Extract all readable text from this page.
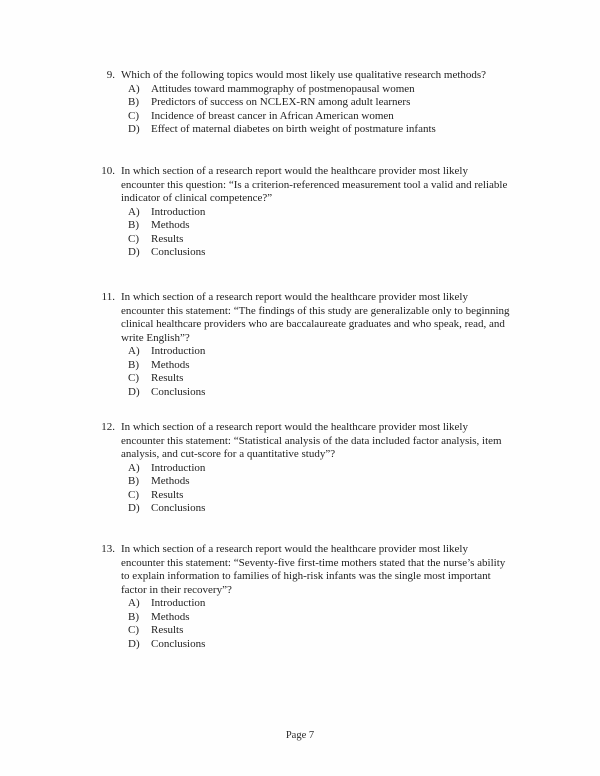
9. Which of the following topics would most likely use qualitative research methods?
A) Attitudes toward mammography of postmenopausal women
B) Predictors of success on NCLEX-RN among adult learners
C) Incidence of breast cancer in African American women
D) Effect of maternal diabetes on birth weight of postmature infants
10. In which section of a research report would the healthcare provider most likely
encounter this question: “Is a criterion-referenced measurement tool a valid and reliable
indicator of clinical competence?”
A) Introduction
B) Methods
C) Results
D) Conclusions
11. In which section of a research report would the healthcare provider most likely
encounter this statement: “The findings of this study are generalizable only to beginning
clinical healthcare providers who are baccalaureate graduates and who speak, read, and
write English”?
A) Introduction
B) Methods
C) Results
D) Conclusions
12. In which section of a research report would the healthcare provider most likely
encounter this statement: “Statistical analysis of the data included factor analysis, item
analysis, and cut-score for a quantitative study”?
A) Introduction
B) Methods
C) Results
D) Conclusions
13. In which section of a research report would the healthcare provider most likely
encounter this statement: “Seventy-five first-time mothers stated that the nurse’s ability
to explain information to families of high-risk infants was the single most important
factor in their recovery”?
A) Introduction
B) Methods
C) Results
D) Conclusions
Page 7
